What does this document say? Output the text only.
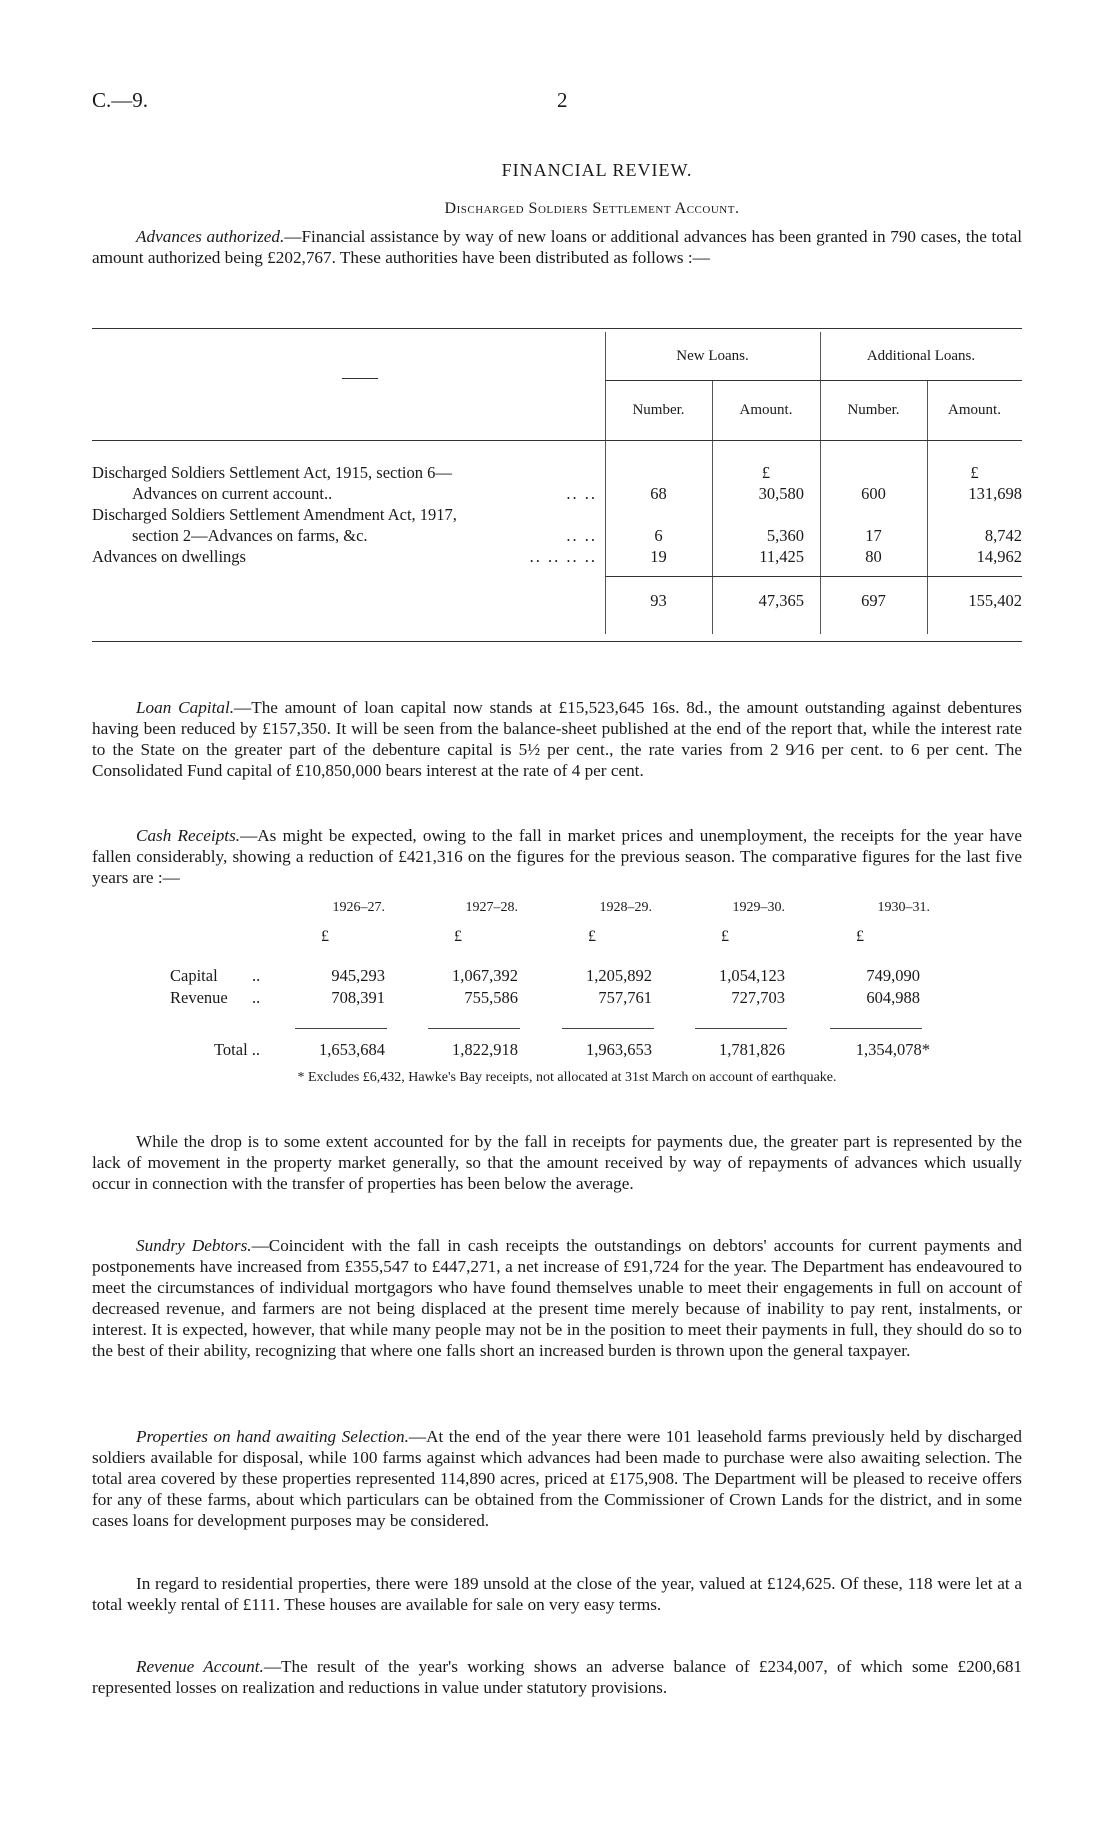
C.—9.	2
FINANCIAL REVIEW.
Discharged Soldiers Settlement Account.

Advances authorized.—Financial assistance by way of new loans or additional advances has been granted in 790 cases, the total amount authorized being £202,767. These authorities have been distributed as follows :—

New Loans.	Additional Loans.
Number.	Amount.	Number.	Amount.
£	£
Discharged Soldiers Settlement Act, 1915, section 6—
Advances on current account..	.. ..	68	30,580	600	131,698
Discharged Soldiers Settlement Amendment Act, 1917,
section 2—Advances on farms, &c.	.. ..	6	5,360	17	8,742
Advances on dwellings	.. .. .. ..	19	11,425	80	14,962
93	47,365	697	155,402

Loan Capital.—The amount of loan capital now stands at £15,523,645 16s. 8d., the amount outstanding against debentures having been reduced by £157,350. It will be seen from the balance-sheet published at the end of the report that, while the interest rate to the State on the greater part of the debenture capital is 5½ per cent., the rate varies from 2 9⁄16 per cent. to 6 per cent. The Consolidated Fund capital of £10,850,000 bears interest at the rate of 4 per cent.

Cash Receipts.—As might be expected, owing to the fall in market prices and unemployment, the receipts for the year have fallen considerably, showing a reduction of £421,316 on the figures for the previous season. The comparative figures for the last five years are :—

1926–27.	1927–28.	1928–29.	1929–30.	1930–31.
£	£	£	£	£
Capital ..	945,293	1,067,392	1,205,892	1,054,123	749,090
Revenue ..	708,391	755,586	757,761	727,703	604,988
Total ..	1,653,684	1,822,918	1,963,653	1,781,826	1,354,078*
* Excludes £6,432, Hawke's Bay receipts, not allocated at 31st March on account of earthquake.

While the drop is to some extent accounted for by the fall in receipts for payments due, the greater part is represented by the lack of movement in the property market generally, so that the amount received by way of repayments of advances which usually occur in connection with the transfer of properties has been below the average.

Sundry Debtors.—Coincident with the fall in cash receipts the outstandings on debtors' accounts for current payments and postponements have increased from £355,547 to £447,271, a net increase of £91,724 for the year. The Department has endeavoured to meet the circumstances of individual mortgagors who have found themselves unable to meet their engagements in full on account of decreased revenue, and farmers are not being displaced at the present time merely because of inability to pay rent, instalments, or interest. It is expected, however, that while many people may not be in the position to meet their payments in full, they should do so to the best of their ability, recognizing that where one falls short an increased burden is thrown upon the general taxpayer.

Properties on hand awaiting Selection.—At the end of the year there were 101 leasehold farms previously held by discharged soldiers available for disposal, while 100 farms against which advances had been made to purchase were also awaiting selection. The total area covered by these properties represented 114,890 acres, priced at £175,908. The Department will be pleased to receive offers for any of these farms, about which particulars can be obtained from the Commissioner of Crown Lands for the district, and in some cases loans for development purposes may be considered.

In regard to residential properties, there were 189 unsold at the close of the year, valued at £124,625. Of these, 118 were let at a total weekly rental of £111. These houses are available for sale on very easy terms.

Revenue Account.—The result of the year's working shows an adverse balance of £234,007, of which some £200,681 represented losses on realization and reductions in value under statutory provisions.
